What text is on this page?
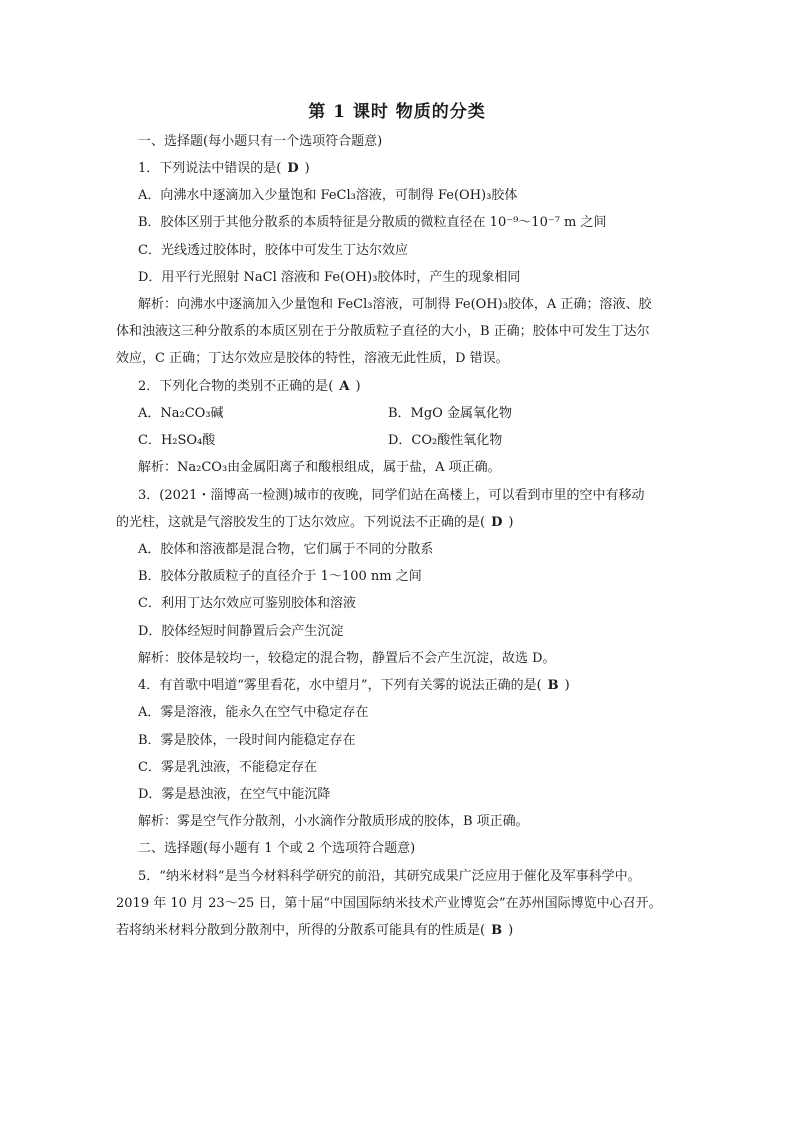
第 1 课时 物质的分类
一、选择题(每小题只有一个选项符合题意)
1．下列说法中错误的是( D )
A．向沸水中逐滴加入少量饱和 FeCl₃溶液，可制得 Fe(OH)₃胶体
B．胶体区别于其他分散系的本质特征是分散质的微粒直径在 10⁻⁹～10⁻⁷ m 之间
C．光线透过胶体时，胶体中可发生丁达尔效应
D．用平行光照射 NaCl 溶液和 Fe(OH)₃胶体时，产生的现象相同
解析：向沸水中逐滴加入少量饱和 FeCl₃溶液，可制得 Fe(OH)₃胶体，A 正确；溶液、胶
体和浊液这三种分散系的本质区别在于分散质粒子直径的大小，B 正确；胶体中可发生丁达尔
效应，C 正确；丁达尔效应是胶体的特性，溶液无此性质，D 错误。
2．下列化合物的类别不正确的是( A )
A．Na₂CO₃碱	B．MgO 金属氧化物
C．H₂SO₄酸	D．CO₂酸性氧化物
解析：Na₂CO₃由金属阳离子和酸根组成，属于盐，A 项正确。
3．(2021・淄博高一检测)城市的夜晚，同学们站在高楼上，可以看到市里的空中有移动
的光柱，这就是气溶胶发生的丁达尔效应。下列说法不正确的是( D )
A．胶体和溶液都是混合物，它们属于不同的分散系
B．胶体分散质粒子的直径介于 1～100 nm 之间
C．利用丁达尔效应可鉴别胶体和溶液
D．胶体经短时间静置后会产生沉淀
解析：胶体是较均一，较稳定的混合物，静置后不会产生沉淀，故选 D。
4．有首歌中唱道“雾里看花，水中望月”，下列有关雾的说法正确的是( B )
A．雾是溶液，能永久在空气中稳定存在
B．雾是胶体，一段时间内能稳定存在
C．雾是乳浊液，不能稳定存在
D．雾是悬浊液，在空气中能沉降
解析：雾是空气作分散剂，小水滴作分散质形成的胶体，B 项正确。
二、选择题(每小题有 1 个或 2 个选项符合题意)
5．“纳米材料”是当今材料科学研究的前沿，其研究成果广泛应用于催化及军事科学中。
2019 年 10 月 23～25 日，第十届“中国国际纳米技术产业博览会”在苏州国际博览中心召开。
若将纳米材料分散到分散剂中，所得的分散系可能具有的性质是( B )
